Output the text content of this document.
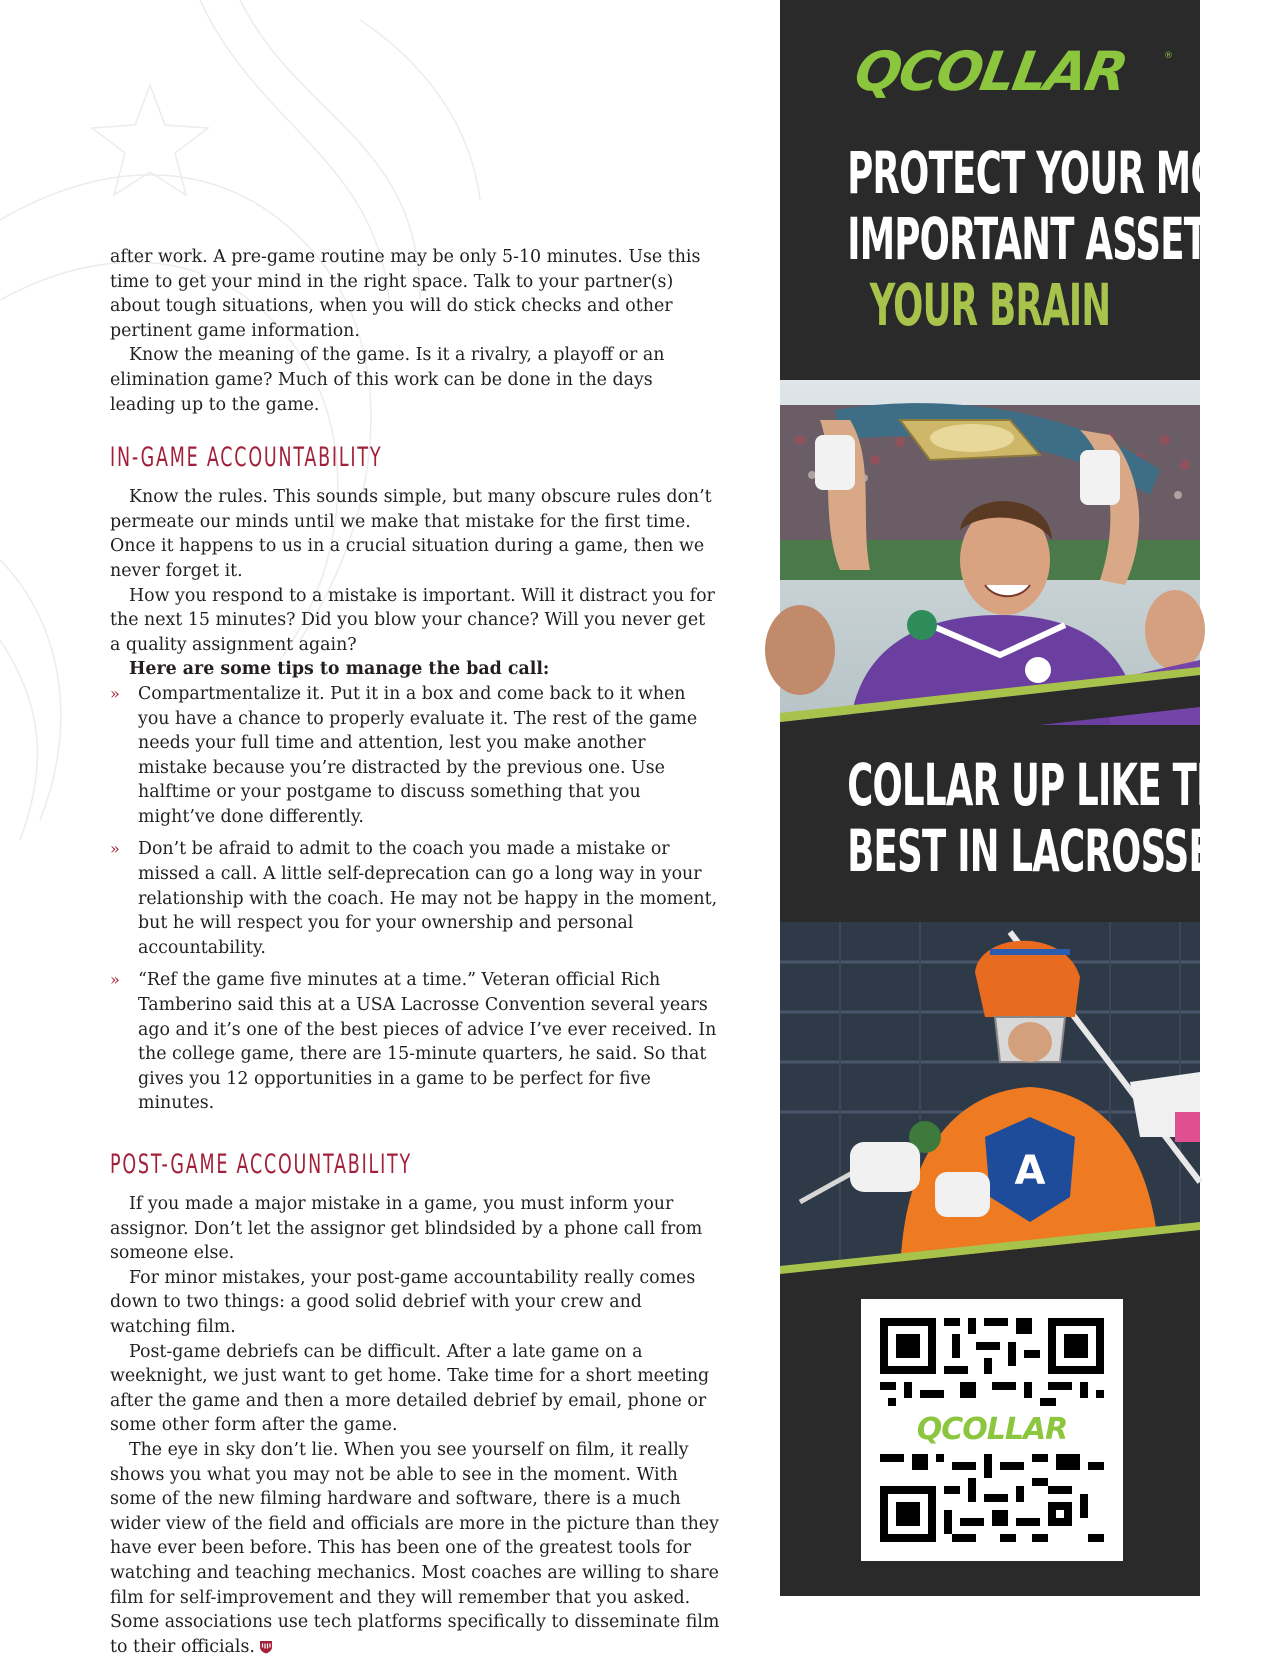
after work. A pre-game routine may be only 5-10 minutes. Use this time to get your mind in the right space. Talk to your partner(s) about tough situations, when you will do stick checks and other pertinent game information.

Know the meaning of the game. Is it a rivalry, a playoff or an elimination game? Much of this work can be done in the days leading up to the game.

IN-GAME ACCOUNTABILITY

Know the rules. This sounds simple, but many obscure rules don’t permeate our minds until we make that mistake for the first time. Once it happens to us in a crucial situation during a game, then we never forget it.

How you respond to a mistake is important. Will it distract you for the next 15 minutes? Did you blow your chance? Will you never get a quality assignment again?

Here are some tips to manage the bad call:

» Compartmentalize it. Put it in a box and come back to it when you have a chance to properly evaluate it. The rest of the game needs your full time and attention, lest you make another mistake because you’re distracted by the previous one. Use halftime or your postgame to discuss something that you might’ve done differently.
» Don’t be afraid to admit to the coach you made a mistake or missed a call. A little self-deprecation can go a long way in your relationship with the coach. He may not be happy in the moment, but he will respect you for your ownership and personal accountability.
» “Ref the game five minutes at a time.” Veteran official Rich Tamberino said this at a USA Lacrosse Convention several years ago and it’s one of the best pieces of advice I’ve ever received. In the college game, there are 15-minute quarters, he said. So that gives you 12 opportunities in a game to be perfect for five minutes.
POST-GAME ACCOUNTABILITY

If you made a major mistake in a game, you must inform your assignor. Don’t let the assignor get blindsided by a phone call from someone else.

For minor mistakes, your post-game accountability really comes down to two things: a good solid debrief with your crew and watching film.

Post-game debriefs can be difficult. After a late game on a weeknight, we just want to get home. Take time for a short meeting after the game and then a more detailed debrief by email, phone or some other form after the game.

The eye in sky don’t lie. When you see yourself on film, it really shows you what you may not be able to see in the moment. With some of the new filming hardware and software, there is a much wider view of the field and officials are more in the picture than they have ever been before. This has been one of the greatest tools for watching and teaching mechanics. Most coaches are willing to share film for self-improvement and they will remember that you asked. Some associations use tech platforms specifically to disseminate film to their officials.

QCOLLAR	®
PROTECT YOUR MOST
IMPORTANT ASSET:
YOUR BRAIN
COLLAR UP LIKE THE
BEST IN LACROSSE
A
QCOLLAR
